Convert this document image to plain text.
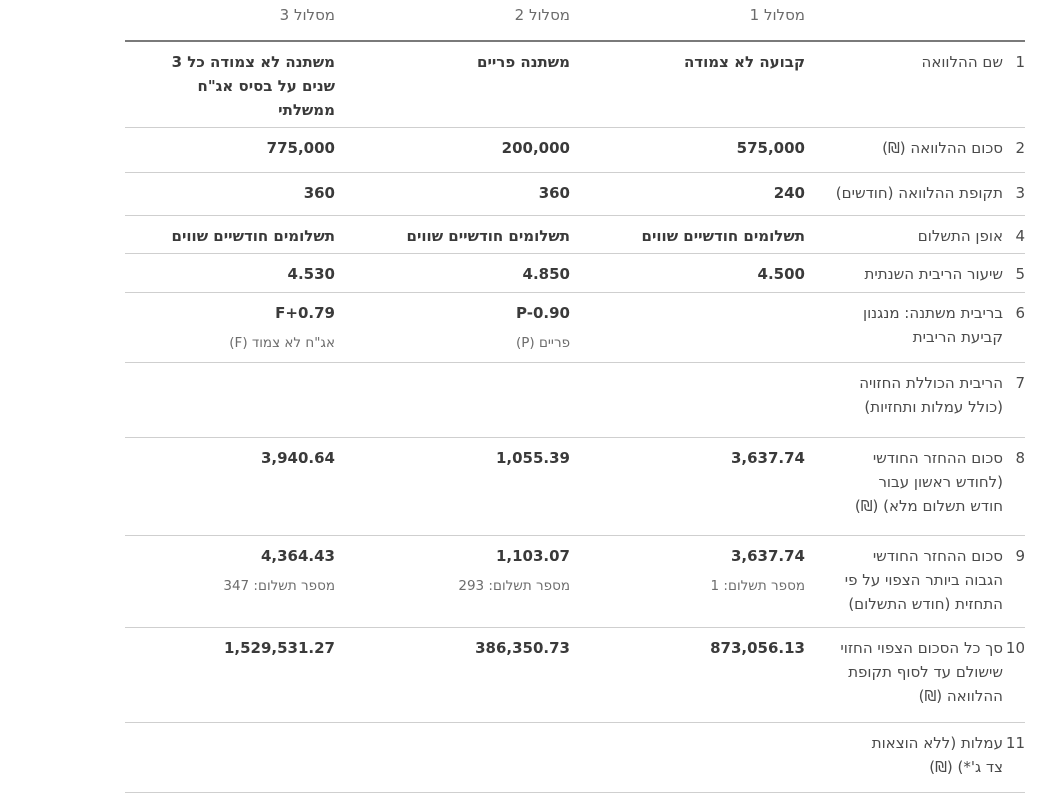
מסלול 1
מסלול 2
מסלול 3
1שם ההלוואה
קבועה לא צמודה
משתנה פריים
משתנה לא צמודה כל 3
שנים על בסיס אג"ח
ממשלתי
2סכום ההלוואה (₪)
575,000
200,000
775,000
3תקופת ההלוואה (חודשים)
240
360
360
4אופן התשלום
תשלומים חודשיים שווים
תשלומים חודשיים שווים
תשלומים חודשיים שווים
5שיעור הריבית השנתית
4.500
4.850
4.530
6בריבית משתנה: מנגנון
קביעת הריבית
P-0.90
פריים (P)
F+0.79
אג"ח לא צמוד (F)
7הריבית הכוללת החזויה
(כולל עמלות ותחזיות)
8סכום ההחזר החודשי
(לחודש ראשון עבור
חודש תשלום מלא) (₪)
3,637.74
1,055.39
3,940.64
9סכום ההחזר החודשי
הגבוה ביותר הצפוי על פי
התחזית (חודש התשלום)
3,637.74
מספר תשלום: 1
1,103.07
מספר תשלום: 293
4,364.43
מספר תשלום: 347
10סך כל הסכום הצפוי החזוי
שישולם עד לסוף תקופת
ההלוואה (₪)
873,056.13
386,350.73
1,529,531.27
11עמלות (ללא הוצאות
צד ג'*) (₪)
